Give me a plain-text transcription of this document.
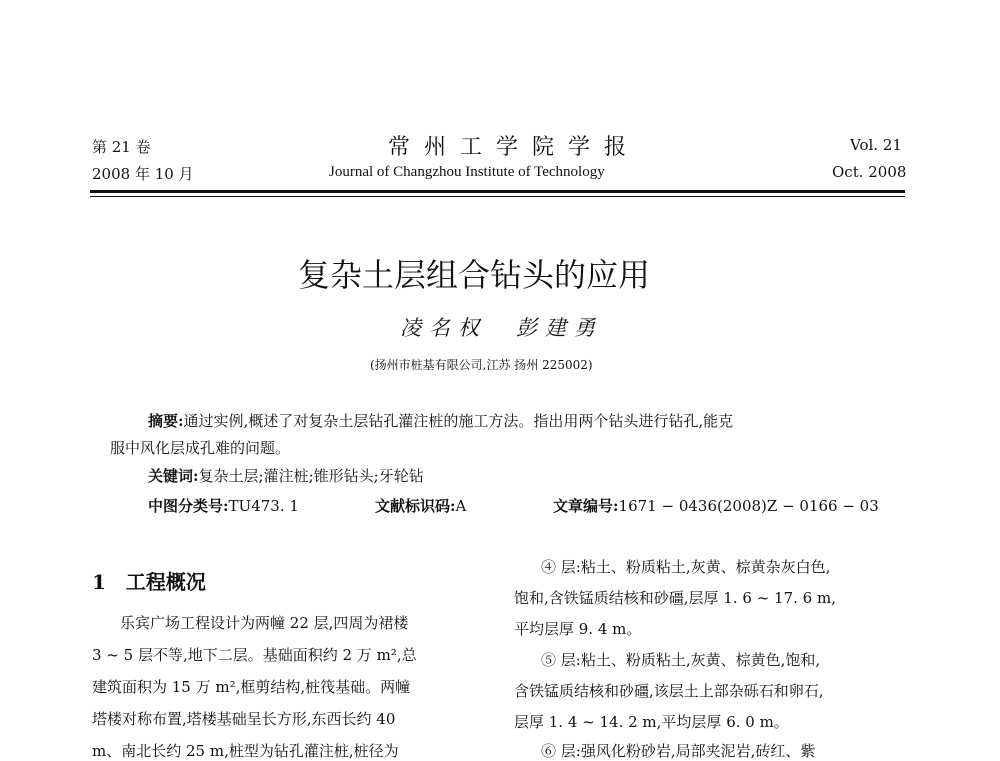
第 21 卷
2008 年 10 月
常州工学院学报
Journal of Changzhou Institute of Technology
Vol. 21
Oct. 2008
复杂土层组合钻头的应用
凌名权　彭建勇
(扬州市桩基有限公司,江苏 扬州 225002)
摘要:通过实例,概述了对复杂土层钻孔灌注桩的施工方法。指出用两个钻头进行钻孔,能克
服中风化层成孔难的问题。
关键词:复杂土层;灌注桩;锥形钻头;牙轮钻
中图分类号:TU473. 1	文献标识码:A	文章编号:1671 − 0436(2008)Z − 0166 − 03
1　工程概况
乐宾广场工程设计为两幢 22 层,四周为裙楼
3 ~ 5 层不等,地下二层。基础面积约 2 万 m²,总
建筑面积为 15 万 m²,框剪结构,桩筏基础。两幢
塔楼对称布置,塔楼基础呈长方形,东西长约 40
m、南北长约 25 m,桩型为钻孔灌注桩,桩径为
④ 层:粘土、粉质粘土,灰黄、棕黄杂灰白色,
饱和,含铁锰质结核和砂礓,层厚 1. 6 ~ 17. 6 m,
平均层厚 9. 4 m。
⑤ 层:粘土、粉质粘土,灰黄、棕黄色,饱和,
含铁锰质结核和砂礓,该层土上部杂砾石和卵石,
层厚 1. 4 ~ 14. 2 m,平均层厚 6. 0 m。
⑥ 层:强风化粉砂岩,局部夹泥岩,砖红、紫
